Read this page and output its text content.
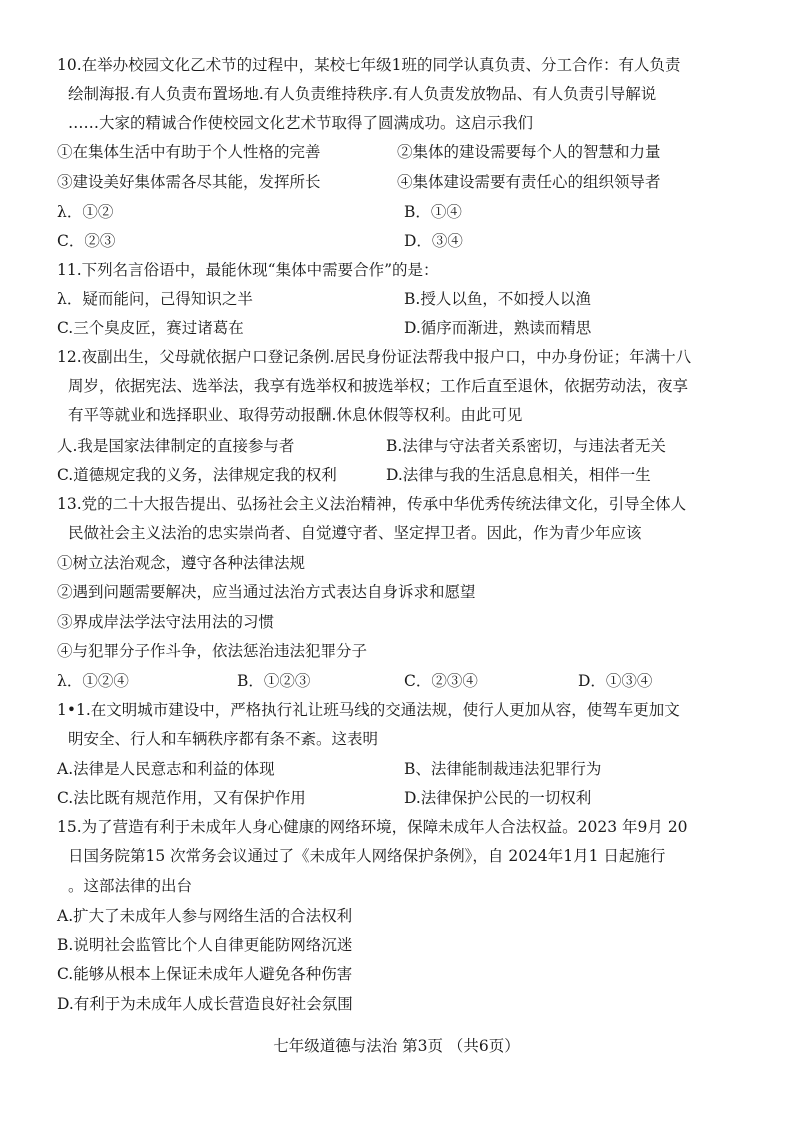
10.在举办校园文化乙术节的过程中，某校七年级1班的同学认真负责、分工合作：有人负责
绘制海报.有人负责布置场地.有人负责维持秩序.有人负责发放物品、有人负责引导解说
……大家的精诚合作使校园文化艺术节取得了圆满成功。这启示我们
①在集体生活中有助于个人性格的完善	②集体的建设需要每个人的智慧和力量
③建设美好集体需各尽其能，发挥所长	④集体建设需要有责任心的组织领导者
λ．①②	B．①④
C．②③	D．③④
11.下列名言俗语中，最能休现“集体中需要合作”的是：
λ．疑而能问，己得知识之半	B.授人以鱼，不如授人以渔
C.三个臭皮匠，赛过诸葛在	D.循序而渐进，熟读而精思
12.夜副出生，父母就依据户口登记条例.居民身份证法帮我中报户口，中办身份证；年满十八
周岁，依据宪法、选举法，我享有选举权和披选举权；工作后直至退休，依据劳动法，夜享
有平等就业和选择职业、取得劳动报酬.休息休假等权利。由此可见
人.我是国家法律制定的直接参与者	B.法律与守法者关系密切，与违法者无关
C.道德规定我的义务，法律规定我的权利	D.法律与我的生活息息相关，相伴一生
13.党的二十大报告提出、弘扬社会主义法治精神，传承中华优秀传统法律文化，引导全体人
民做社会主义法治的忠实崇尚者、自觉遵守者、坚定捍卫者。因此，作为青少年应该
①树立法治观念，遵守各种法律法规
②遇到问题需要解决，应当通过法治方式表达自身诉求和愿望
③界成岸法学法守法用法的习惯
④与犯罪分子作斗争，依法惩治违法犯罪分子
λ．①②④	B．①②③	C．②③④	D．①③④
1•1.在文明城市建设中，严格执行礼让班马线的交通法规，使行人更加从容，使驾车更加文
明安全、行人和车辆秩序都有条不紊。这表明
A.法律是人民意志和利益的体现	B、法律能制裁违法犯罪行为
C.法比既有规范作用，又有保护作用	D.法律保护公民的一切权利
15.为了营造有利于未成年人身心健康的网络环境，保障未成年人合法权益。2023 年9月 20
日国务院第15 次常务会议通过了《未成年人网络保护条例》，自 2024年1月1 日起施行
。这部法律的出台
A.扩大了未成年人参与网络生活的合法权利
B.说明社会监管比个人自律更能防网络沉迷
C.能够从根本上保证未成年人避免各种伤害
D.有利于为未成年人成长营造良好社会氛围
七年级道德与法治 第3页 （共6页）
